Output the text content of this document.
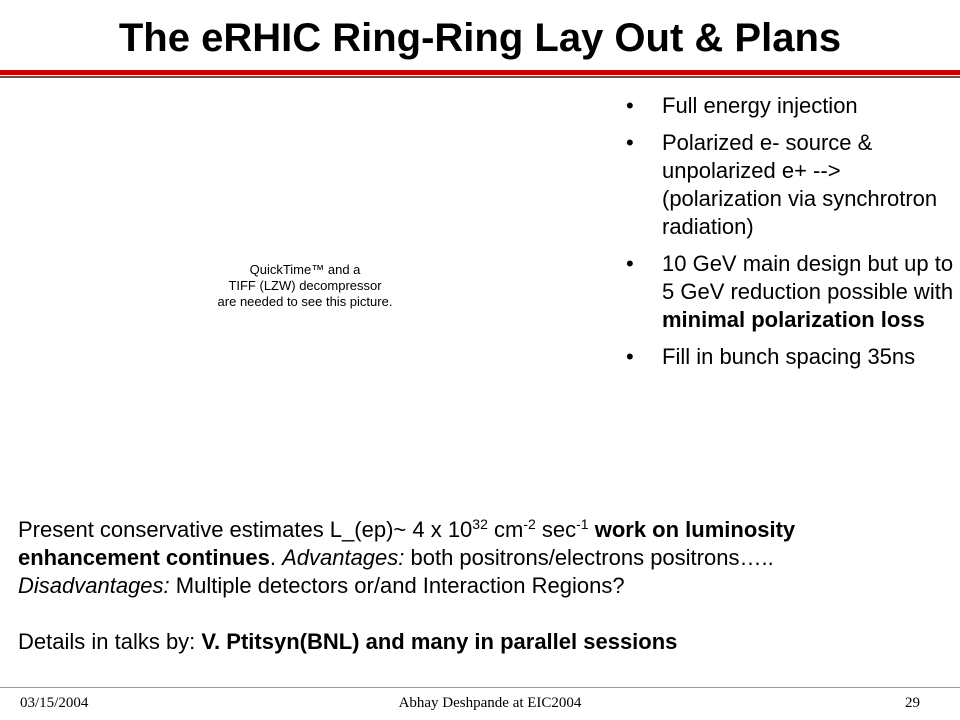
The eRHIC Ring-Ring Lay Out & Plans
QuickTime™ and a
TIFF (LZW) decompressor
are needed to see this picture.
• Full energy injection
• Polarized e- source & unpolarized e+ --> (polarization via synchrotron radiation)
• 10 GeV main design but up to 5 GeV reduction possible with minimal polarization loss
• Fill in bunch spacing 35ns
Present conservative estimates L_(ep)~ 4 x $10^{32}$ $cm^{-2}$ $\sec^{-1}$ work on luminosity
enhancement continues. Advantages: both positrons/electrons positrons…..
Disadvantages: Multiple detectors or/and Interaction Regions?
Details in talks by: V. Ptitsyn(BNL) and many in parallel sessions
03/15/2004	Abhay Deshpande at EIC2004	29
